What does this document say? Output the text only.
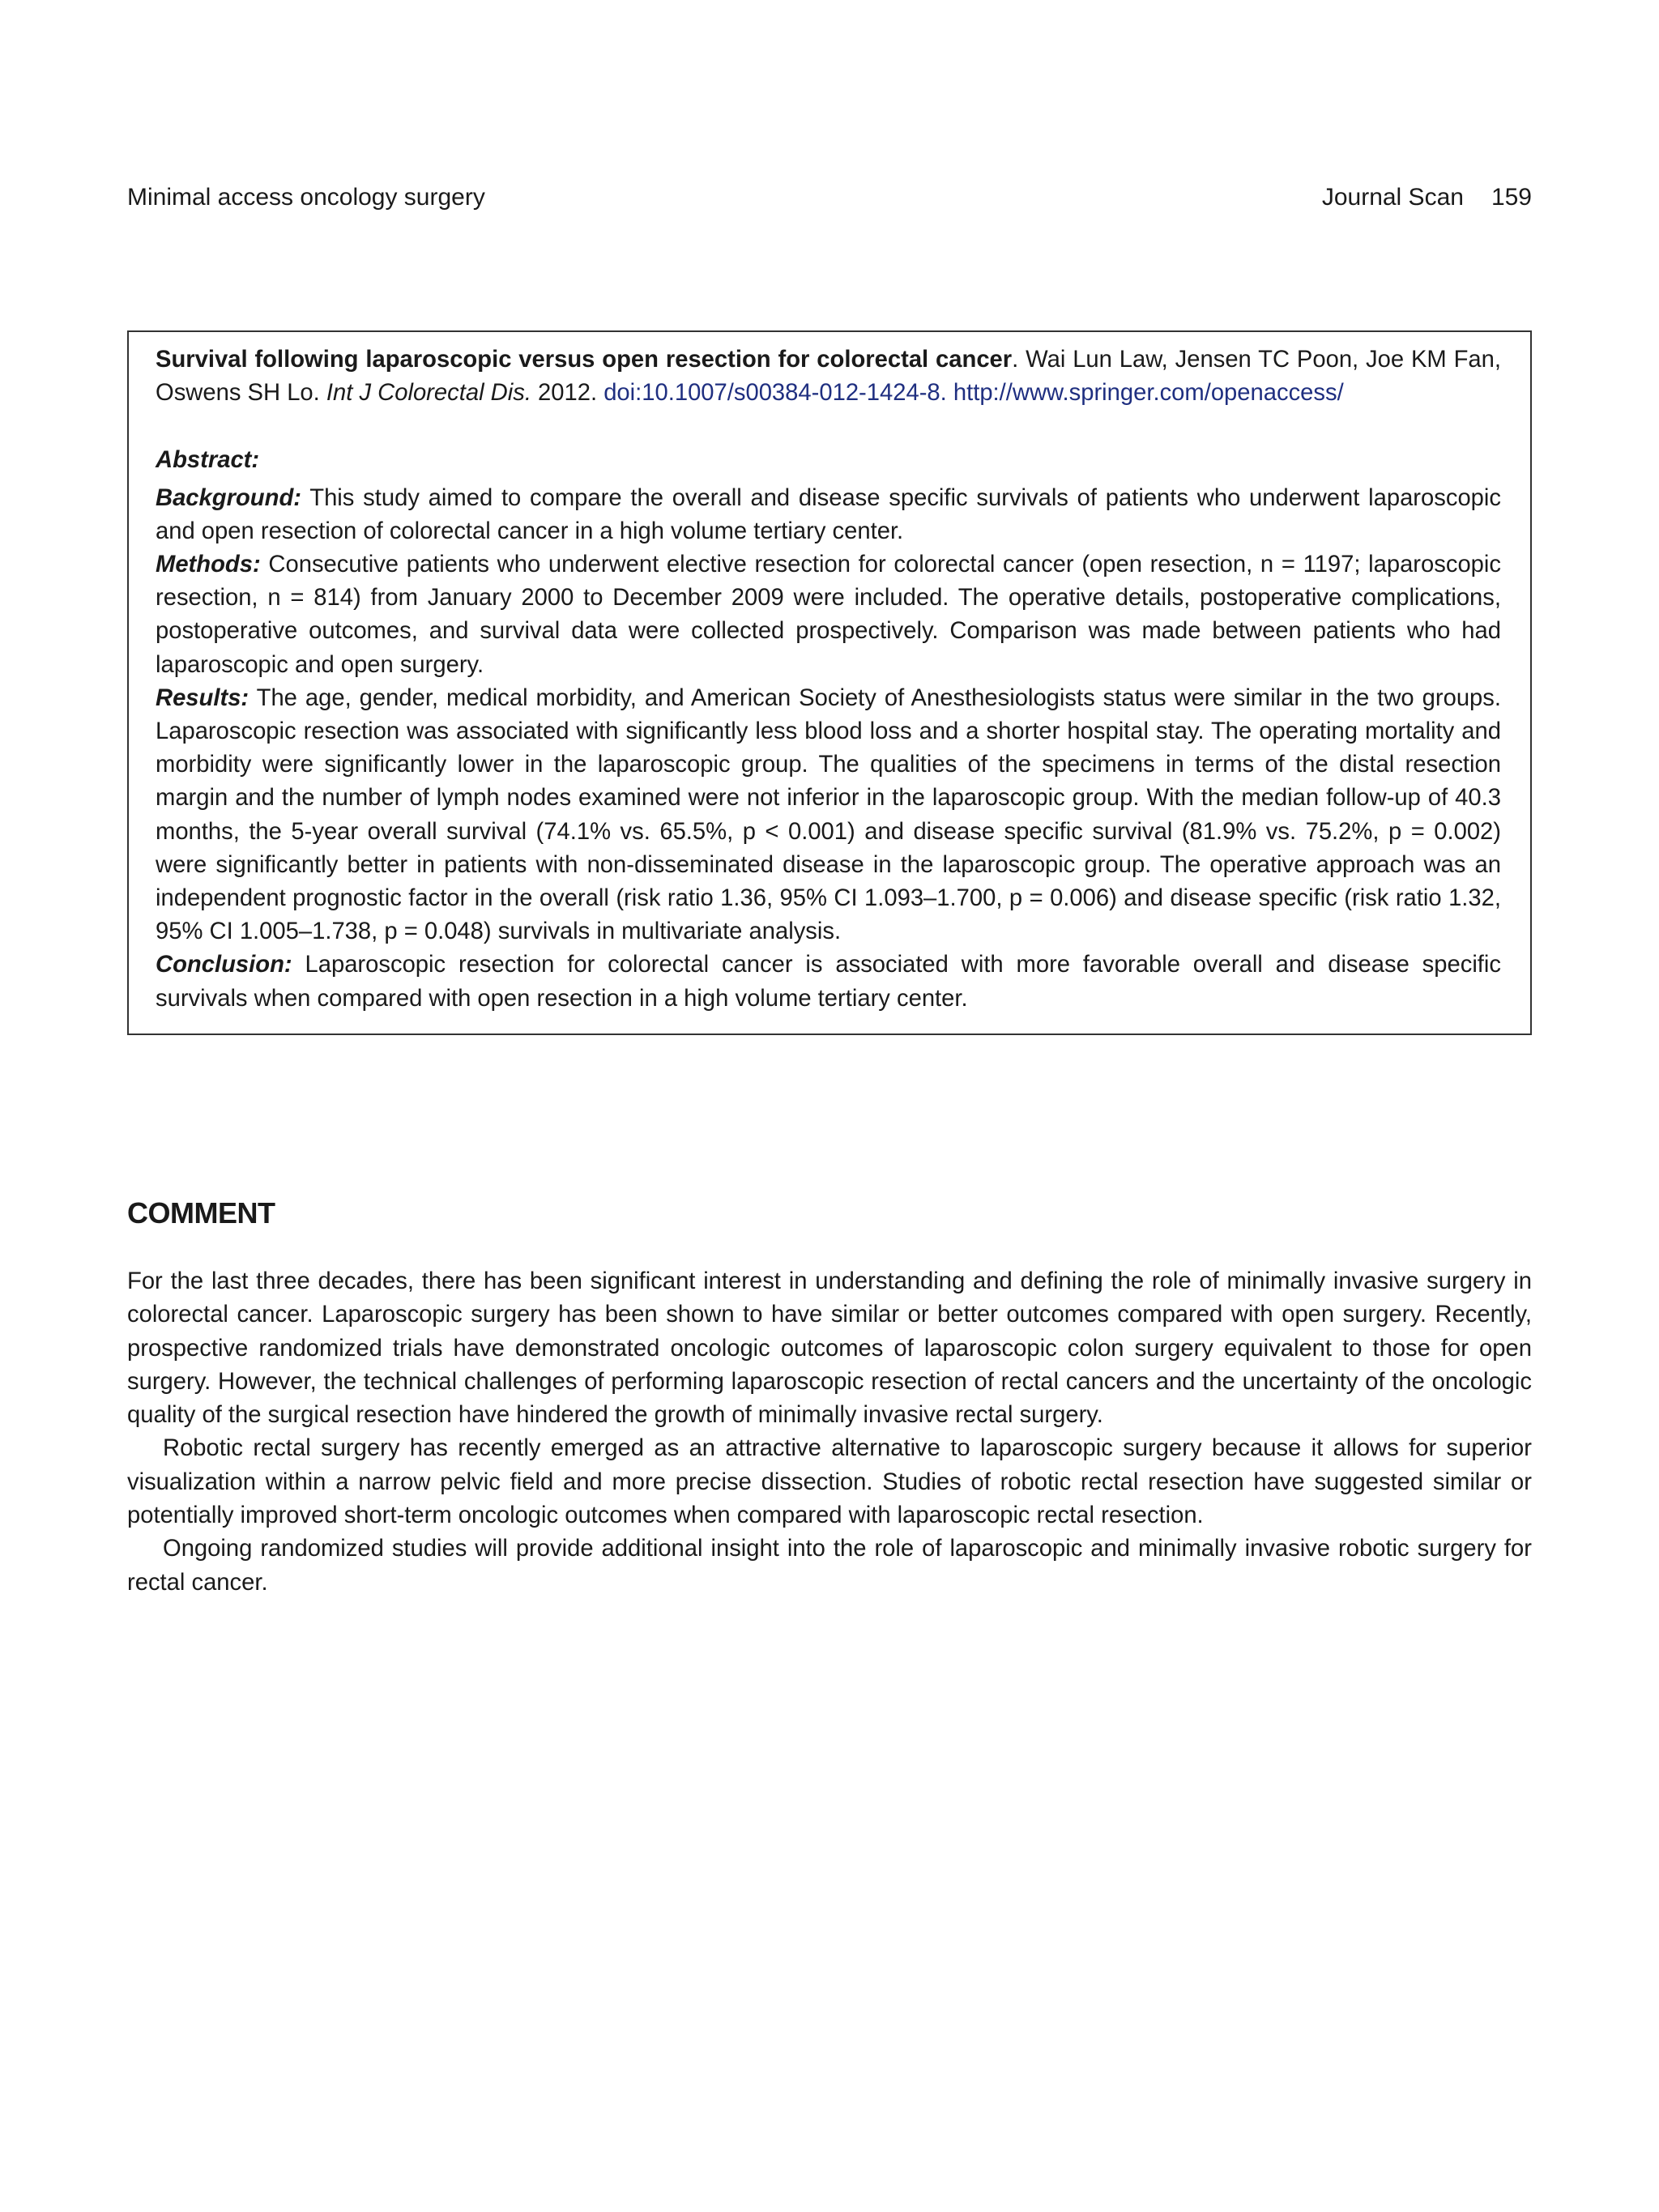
Minimal access oncology surgery	Journal Scan 159

Survival following laparoscopic versus open resection for colorectal cancer. Wai Lun Law, Jensen TC Poon, Joe KM Fan, Oswens SH Lo. Int J Colorectal Dis. 2012. doi:10.1007/s00384-012-1424-8. http://www.springer.com/openaccess/

Abstract:

Background: This study aimed to compare the overall and disease specific survivals of patients who underwent laparoscopic and open resection of colorectal cancer in a high volume tertiary center.

Methods: Consecutive patients who underwent elective resection for colorectal cancer (open resection, n = 1197; laparoscopic resection, n = 814) from January 2000 to December 2009 were included. The operative details, postoperative complications, postoperative outcomes, and survival data were collected prospectively. Comparison was made between patients who had laparoscopic and open surgery.

Results: The age, gender, medical morbidity, and American Society of Anesthesiologists status were similar in the two groups. Laparoscopic resection was associated with significantly less blood loss and a shorter hospital stay. The operating mortality and morbidity were significantly lower in the laparoscopic group. The qualities of the specimens in terms of the distal resection margin and the number of lymph nodes examined were not inferior in the laparoscopic group. With the median follow-up of 40.3 months, the 5-year overall survival (74.1% vs. 65.5%, p < 0.001) and disease specific survival (81.9% vs. 75.2%, p = 0.002) were significantly better in patients with non-disseminated disease in the laparoscopic group. The operative approach was an independent prognostic factor in the overall (risk ratio 1.36, 95% CI 1.093–1.700, p = 0.006) and disease specific (risk ratio 1.32, 95% CI 1.005–1.738, p = 0.048) survivals in multivariate analysis.

Conclusion: Laparoscopic resection for colorectal cancer is associated with more favorable overall and disease specific survivals when compared with open resection in a high volume tertiary center.

COMMENT

For the last three decades, there has been significant interest in understanding and defining the role of minimally invasive surgery in colorectal cancer. Laparoscopic surgery has been shown to have similar or better outcomes compared with open surgery. Recently, prospective randomized trials have demonstrated oncologic outcomes of laparoscopic colon surgery equivalent to those for open surgery. However, the technical challenges of performing laparoscopic resection of rectal cancers and the uncertainty of the oncologic quality of the surgical resection have hindered the growth of minimally invasive rectal surgery.

Robotic rectal surgery has recently emerged as an attractive alternative to laparoscopic surgery because it allows for superior visualization within a narrow pelvic field and more precise dissection. Studies of robotic rectal resection have suggested similar or potentially improved short-term oncologic outcomes when compared with laparoscopic rectal resection.

Ongoing randomized studies will provide additional insight into the role of laparoscopic and minimally invasive robotic surgery for rectal cancer.
